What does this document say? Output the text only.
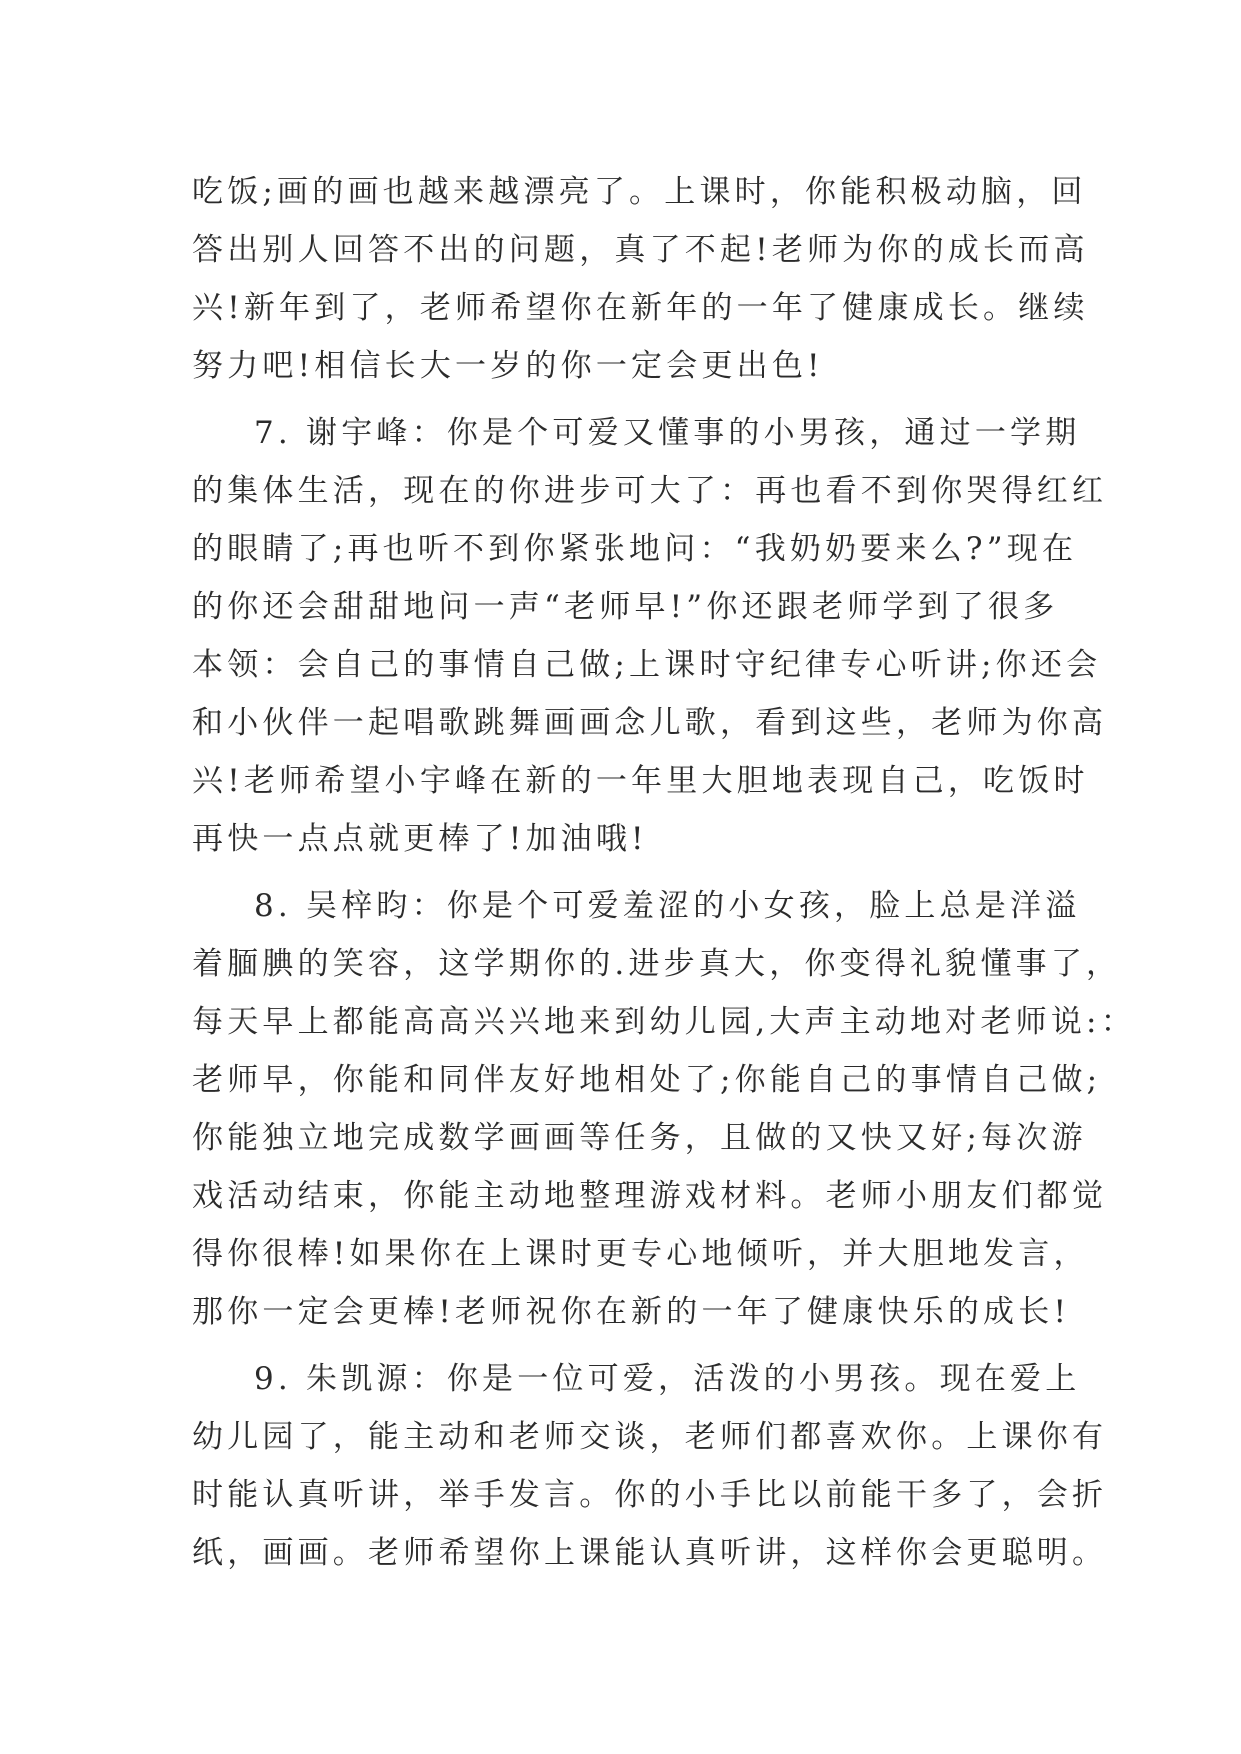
吃饭;画的画也越来越漂亮了。上课时，你能积极动脑，回
答出别人回答不出的问题，真了不起!老师为你的成长而高
兴!新年到了，老师希望你在新年的一年了健康成长。继续
努力吧!相信长大一岁的你一定会更出色!
7. 谢宇峰：你是个可爱又懂事的小男孩，通过一学期
的集体生活，现在的你进步可大了：再也看不到你哭得红红
的眼睛了;再也听不到你紧张地问：“我奶奶要来么?”现在
的你还会甜甜地问一声“老师早!”你还跟老师学到了很多
本领：会自己的事情自己做;上课时守纪律专心听讲;你还会
和小伙伴一起唱歌跳舞画画念儿歌，看到这些，老师为你高
兴!老师希望小宇峰在新的一年里大胆地表现自己，吃饭时
再快一点点就更棒了!加油哦!
8. 吴梓昀：你是个可爱羞涩的小女孩，脸上总是洋溢
着腼腆的笑容，这学期你的.进步真大，你变得礼貌懂事了，
每天早上都能高高兴兴地来到幼儿园,大声主动地对老师说:：
老师早，你能和同伴友好地相处了;你能自己的事情自己做;
你能独立地完成数学画画等任务，且做的又快又好;每次游
戏活动结束，你能主动地整理游戏材料。老师小朋友们都觉
得你很棒!如果你在上课时更专心地倾听，并大胆地发言，
那你一定会更棒!老师祝你在新的一年了健康快乐的成长!
9. 朱凯源：你是一位可爱，活泼的小男孩。现在爱上
幼儿园了，能主动和老师交谈，老师们都喜欢你。上课你有
时能认真听讲，举手发言。你的小手比以前能干多了，会折
纸，画画。老师希望你上课能认真听讲，这样你会更聪明。
